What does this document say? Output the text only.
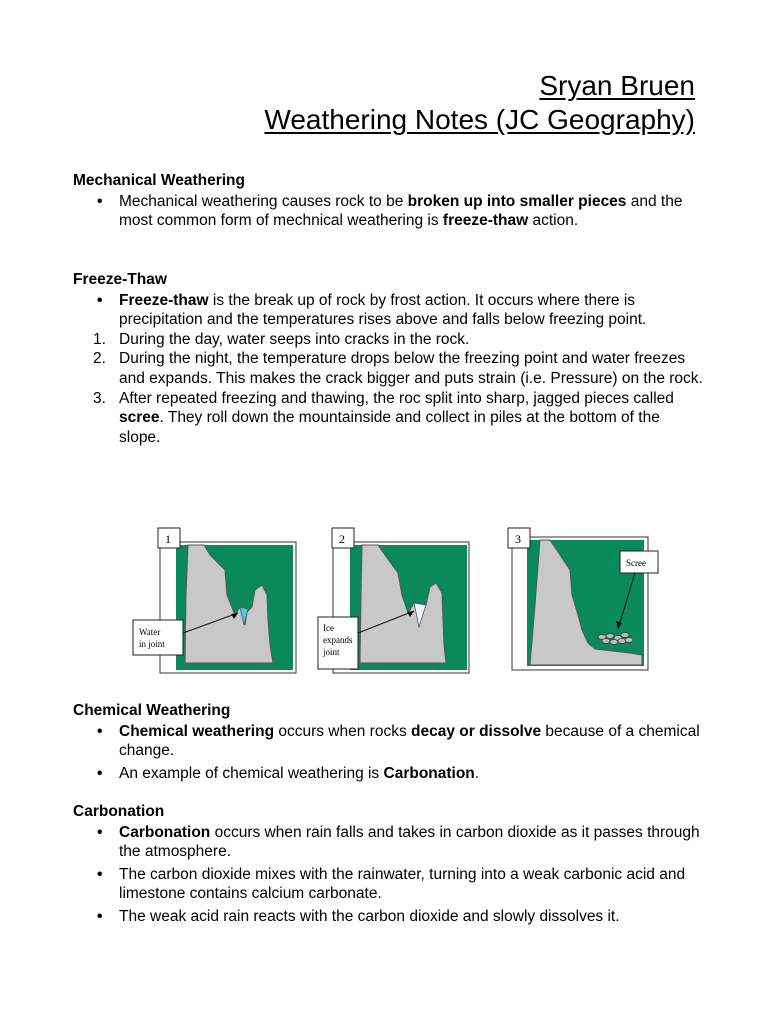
Sryan Bruen
Weathering Notes (JC Geography)
Mechanical Weathering
•	Mechanical weathering causes rock to be broken up into smaller pieces and the most common form of mechnical weathering is freeze-thaw action.
Freeze-Thaw
•	Freeze-thaw is the break up of rock by frost action. It occurs where there is precipitation and the temperatures rises above and falls below freezing point.
1. During the day, water seeps into cracks in the rock.
2. During the night, the temperature drops below the freezing point and water freezes and expands. This makes the crack bigger and puts strain (i.e. Pressure) on the rock.
3. After repeated freezing and thawing, the roc split into sharp, jagged pieces called scree. They roll down the mountainside and collect in piles at the bottom of the slope.
1
Water
in joint
2
Ice
expands
joint
3
Scree
Chemical Weathering
•	Chemical weathering occurs when rocks decay or dissolve because of a chemical change.
•	An example of chemical weathering is Carbonation.
Carbonation
•	Carbonation occurs when rain falls and takes in carbon dioxide as it passes through the atmosphere.
•	The carbon dioxide mixes with the rainwater, turning into a weak carbonic acid and limestone contains calcium carbonate.
•	The weak acid rain reacts with the carbon dioxide and slowly dissolves it.
